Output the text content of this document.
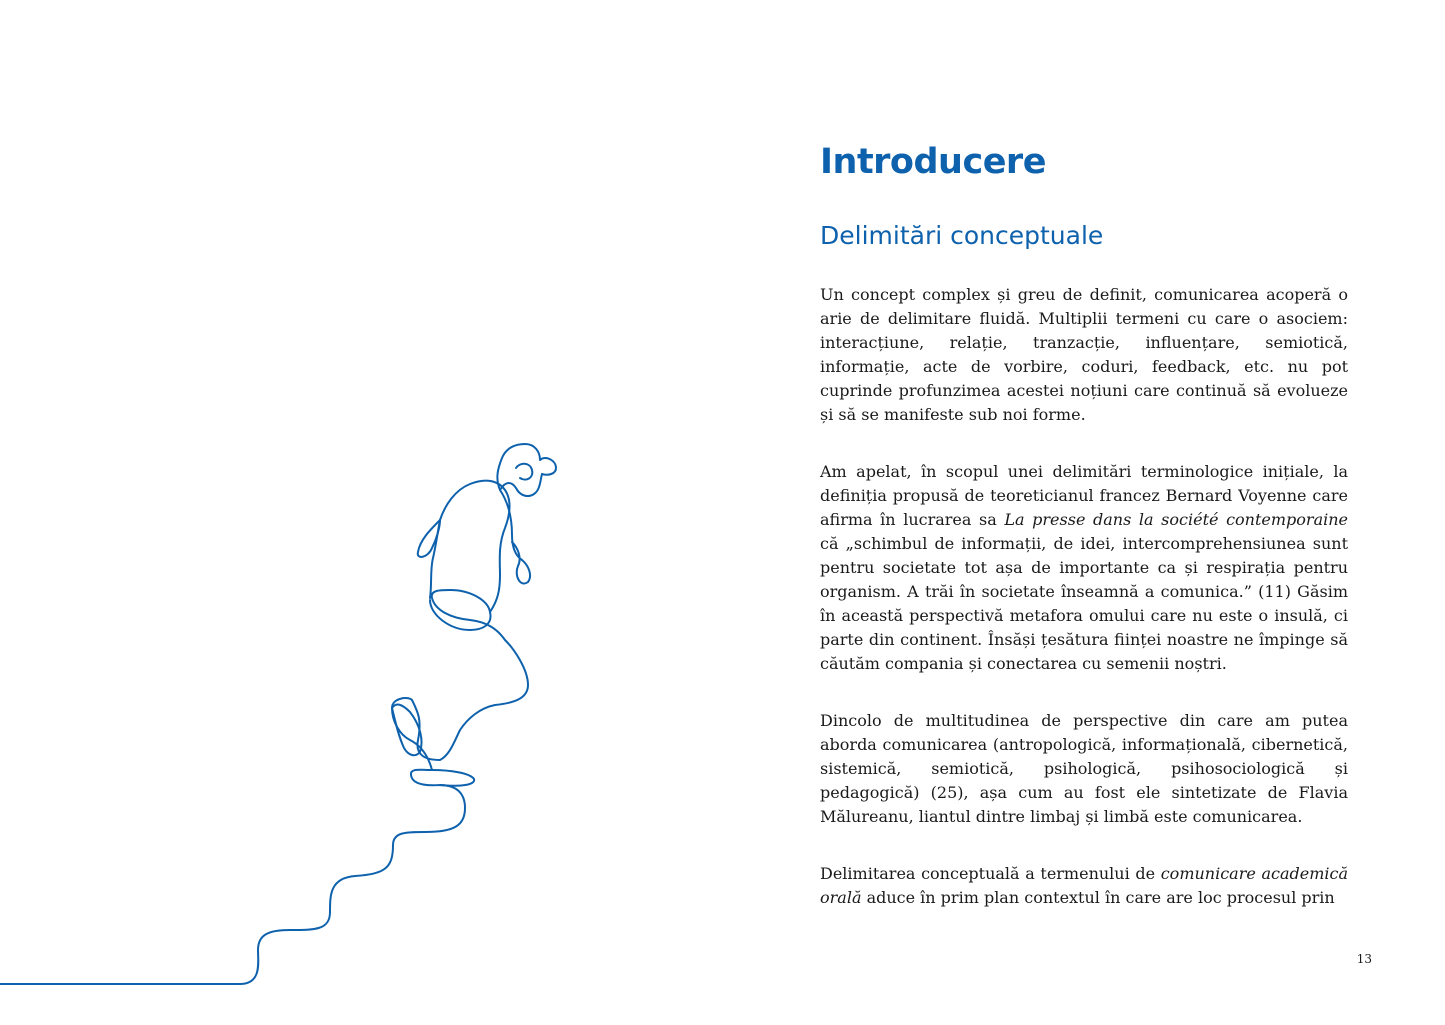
Introducere
Delimitări conceptuale

Un concept complex și greu de definit, comunicarea acoperă o arie de delimitare fluidă. Multiplii termeni cu care o asociem: interacțiune, relație, tranzacție, influențare, semiotică, informație, acte de vorbire, coduri, feedback, etc. nu pot cuprinde profunzimea acestei noțiuni care continuă să evolueze și să se manifeste sub noi forme.

Am apelat, în scopul unei delimitări terminologice inițiale, la definiția propusă de teoreticianul francez Bernard Voyenne care afirma în lucrarea sa La presse dans la société contemporaine că „schimbul de informații, de idei, intercomprehensiunea sunt pentru societate tot așa de importante ca și respirația pentru organism. A trăi în societate înseamnă a comunica.” (11) Găsim în această perspectivă metafora omului care nu este o insulă, ci parte din continent. Însăși țesătura ființei noastre ne împinge să căutăm compania și conectarea cu semenii noștri.

Dincolo de multitudinea de perspective din care am putea aborda comunicarea (antropologică, informațională, cibernetică, sistemică, semiotică, psihologică, psihosociologică și pedagogică) (25), așa cum au fost ele sintetizate de Flavia Mălureanu, liantul dintre limbaj și limbă este comunicarea.

Delimitarea conceptuală a termenului de comunicare academică orală aduce în prim plan contextul în care are loc procesul prin

13
